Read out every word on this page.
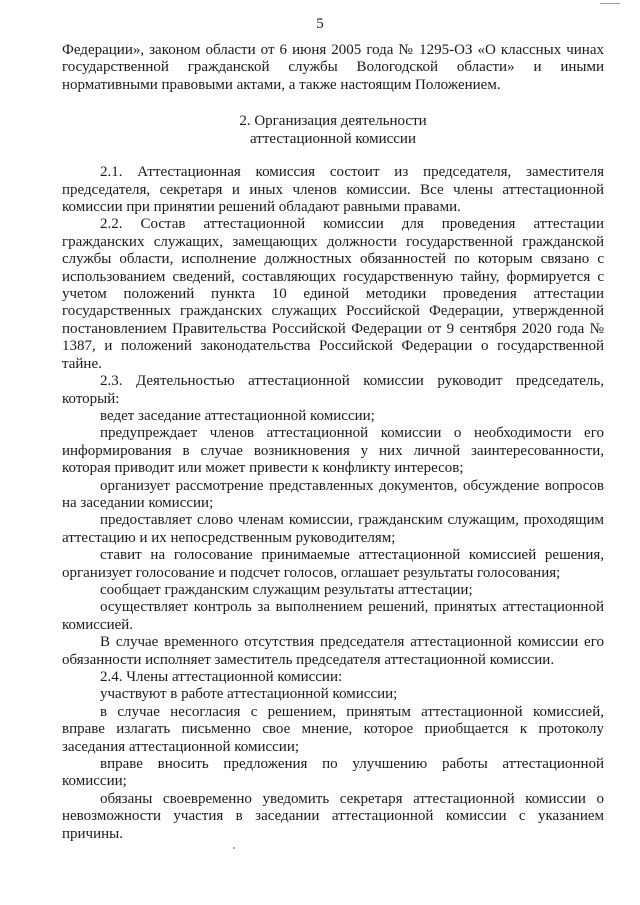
5

Федерации», законом области от 6 июня 2005 года № 1295-ОЗ «О классных чинах государственной гражданской службы Вологодской области» и иными нормативными правовыми актами, а также настоящим Положением.

2. Организация деятельности
аттестационной комиссии

2.1. Аттестационная комиссия состоит из председателя, заместителя председателя, секретаря и иных членов комиссии. Все члены аттестационной комиссии при принятии решений обладают равными правами.

2.2. Состав аттестационной комиссии для проведения аттестации гражданских служащих, замещающих должности государственной гражданской службы области, исполнение должностных обязанностей по которым связано с использованием сведений, составляющих государственную тайну, формируется с учетом положений пункта 10 единой методики проведения аттестации государственных гражданских служащих Российской Федерации, утвержденной постановлением Правительства Российской Федерации от 9 сентября 2020 года № 1387, и положений законодательства Российской Федерации о государственной тайне.

2.3. Деятельностью аттестационной комиссии руководит председатель, который:

ведет заседание аттестационной комиссии;

предупреждает членов аттестационной комиссии о необходимости его информирования в случае возникновения у них личной заинтересованности, которая приводит или может привести к конфликту интересов;

организует рассмотрение представленных документов, обсуждение вопросов на заседании комиссии;

предоставляет слово членам комиссии, гражданским служащим, проходящим аттестацию и их непосредственным руководителям;

ставит на голосование принимаемые аттестационной комиссией решения, организует голосование и подсчет голосов, оглашает результаты голосования;

сообщает гражданским служащим результаты аттестации;

осуществляет контроль за выполнением решений, принятых аттестационной комиссией.

В случае временного отсутствия председателя аттестационной комиссии его обязанности исполняет заместитель председателя аттестационной комиссии.

2.4. Члены аттестационной комиссии:

участвуют в работе аттестационной комиссии;

в случае несогласия с решением, принятым аттестационной комиссией, вправе излагать письменно свое мнение, которое приобщается к протоколу заседания аттестационной комиссии;

вправе вносить предложения по улучшению работы аттестационной комиссии;

обязаны своевременно уведомить секретаря аттестационной комиссии о невозможности участия в заседании аттестационной комиссии с указанием причины.
